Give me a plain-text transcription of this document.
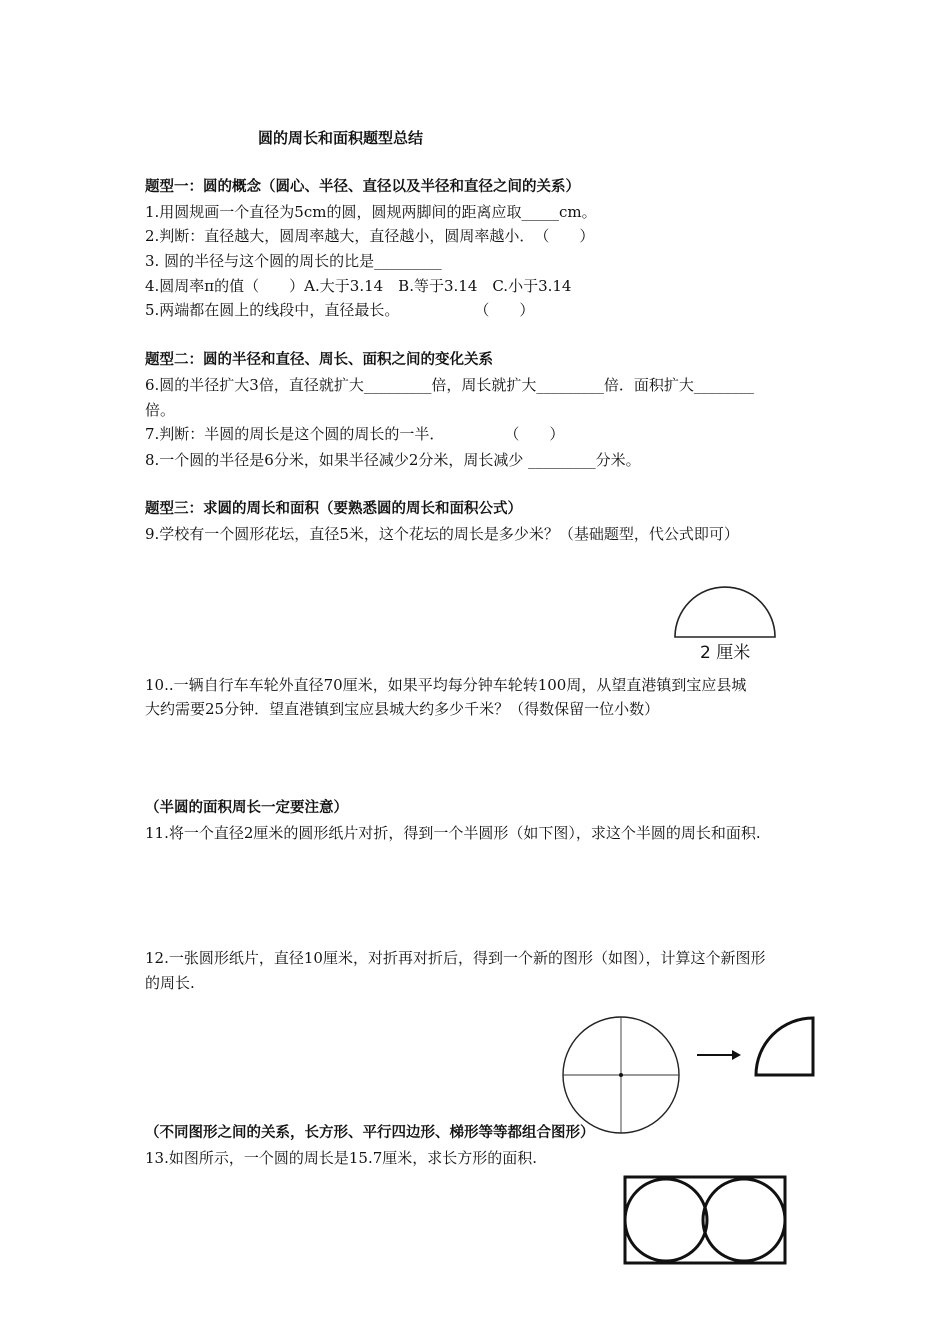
圆的周长和面积题型总结

题型一：圆的概念（圆心、半径、直径以及半径和直径之间的关系）

1.用圆规画一个直径为5cm的圆，圆规两脚间的距离应取_____cm。

2.判断：直径越大，圆周率越大，直径越小，圆周率越小．　（　　）

3. 圆的半径与这个圆的周长的比是_________

4.圆周率π的值（　　）A.大于3.14　B.等于3.14　C.小于3.14

5.两端都在圆上的线段中，直径最长。　　　　　　（　　）

题型二：圆的半径和直径、周长、面积之间的变化关系

6.圆的半径扩大3倍，直径就扩大_________倍，周长就扩大_________倍．面积扩大________

倍。

7.判断：半圆的周长是这个圆的周长的一半．　　　　　（　　）

8.一个圆的半径是6分米，如果半径减少2分米，周长减少 _________分米。

题型三：求圆的周长和面积（要熟悉圆的周长和面积公式）

9.学校有一个圆形花坛，直径5米，这个花坛的周长是多少米？（基础题型，代公式即可）

2 厘米

10..一辆自行车车轮外直径70厘米，如果平均每分钟车轮转100周，从望直港镇到宝应县城

大约需要25分钟．望直港镇到宝应县城大约多少千米？（得数保留一位小数）

（半圆的面积周长一定要注意）

11.将一个直径2厘米的圆形纸片对折，得到一个半圆形（如下图），求这个半圆的周长和面积.

12.一张圆形纸片，直径10厘米，对折再对折后，得到一个新的图形（如图），计算这个新图形

的周长.

（不同图形之间的关系，长方形、平行四边形、梯形等等都组合图形）

13.如图所示，一个圆的周长是15.7厘米，求长方形的面积.
